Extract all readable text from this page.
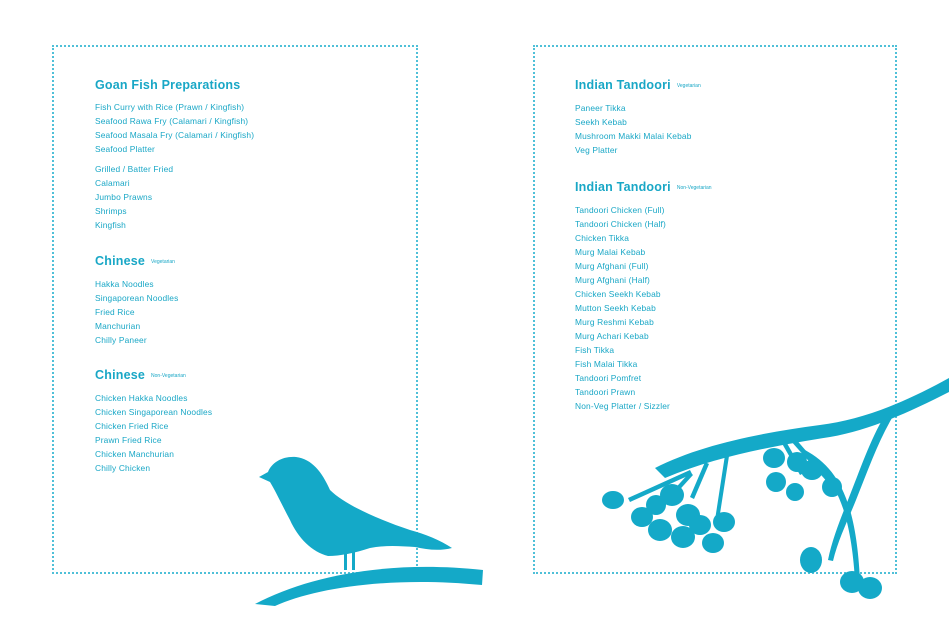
Goan Fish Preparations
Fish Curry with Rice (Prawn / Kingfish)
Seafood Rawa Fry (Calamari / Kingfish)
Seafood Masala Fry (Calamari / Kingfish)
Seafood Platter
Grilled / Batter Fried
Calamari
Jumbo Prawns
Shrimps
Kingfish
Chinese Vegetarian
Hakka Noodles
Singaporean Noodles
Fried Rice
Manchurian
Chilly Paneer
Chinese Non-Vegetarian
Chicken Hakka Noodles
Chicken Singaporean Noodles
Chicken Fried Rice
Prawn Fried Rice
Chicken Manchurian
Chilly Chicken
Indian Tandoori Vegetarian
Paneer Tikka
Seekh Kebab
Mushroom Makki Malai Kebab
Veg Platter
Indian Tandoori Non-Vegetarian
Tandoori Chicken (Full)
Tandoori Chicken (Half)
Chicken Tikka
Murg Malai Kebab
Murg Afghani (Full)
Murg Afghani (Half)
Chicken Seekh Kebab
Mutton Seekh Kebab
Murg Reshmi Kebab
Murg Achari Kebab
Fish Tikka
Fish Malai Tikka
Tandoori Pomfret
Tandoori Prawn
Non-Veg Platter / Sizzler
